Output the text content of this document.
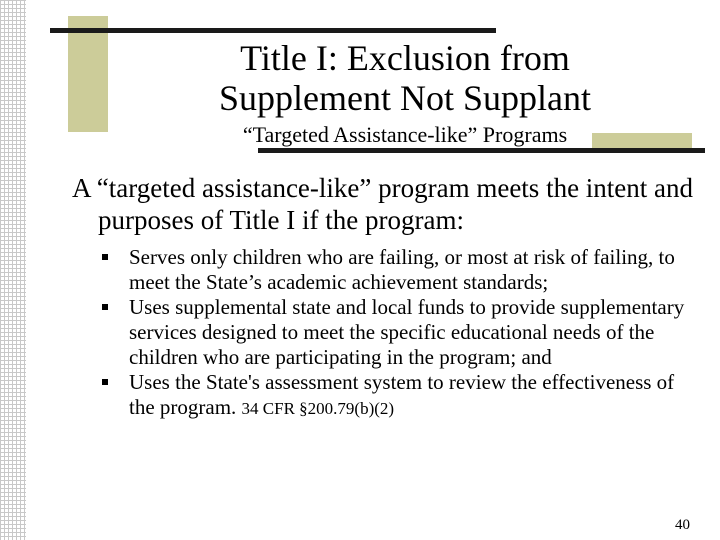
Title I: Exclusion from
Supplement Not Supplant
“Targeted Assistance-like” Programs
A “targeted assistance-like” program meets the intent and purposes of Title I if the program:
Serves only children who are failing, or most at risk of failing, to meet the State’s academic achievement standards;
Uses supplemental state and local funds to provide supplementary services designed to meet the specific educational needs of the children who are participating in the program; and
Uses the State's assessment system to review the effectiveness of the program. 34 CFR §200.79(b)(2)
40
